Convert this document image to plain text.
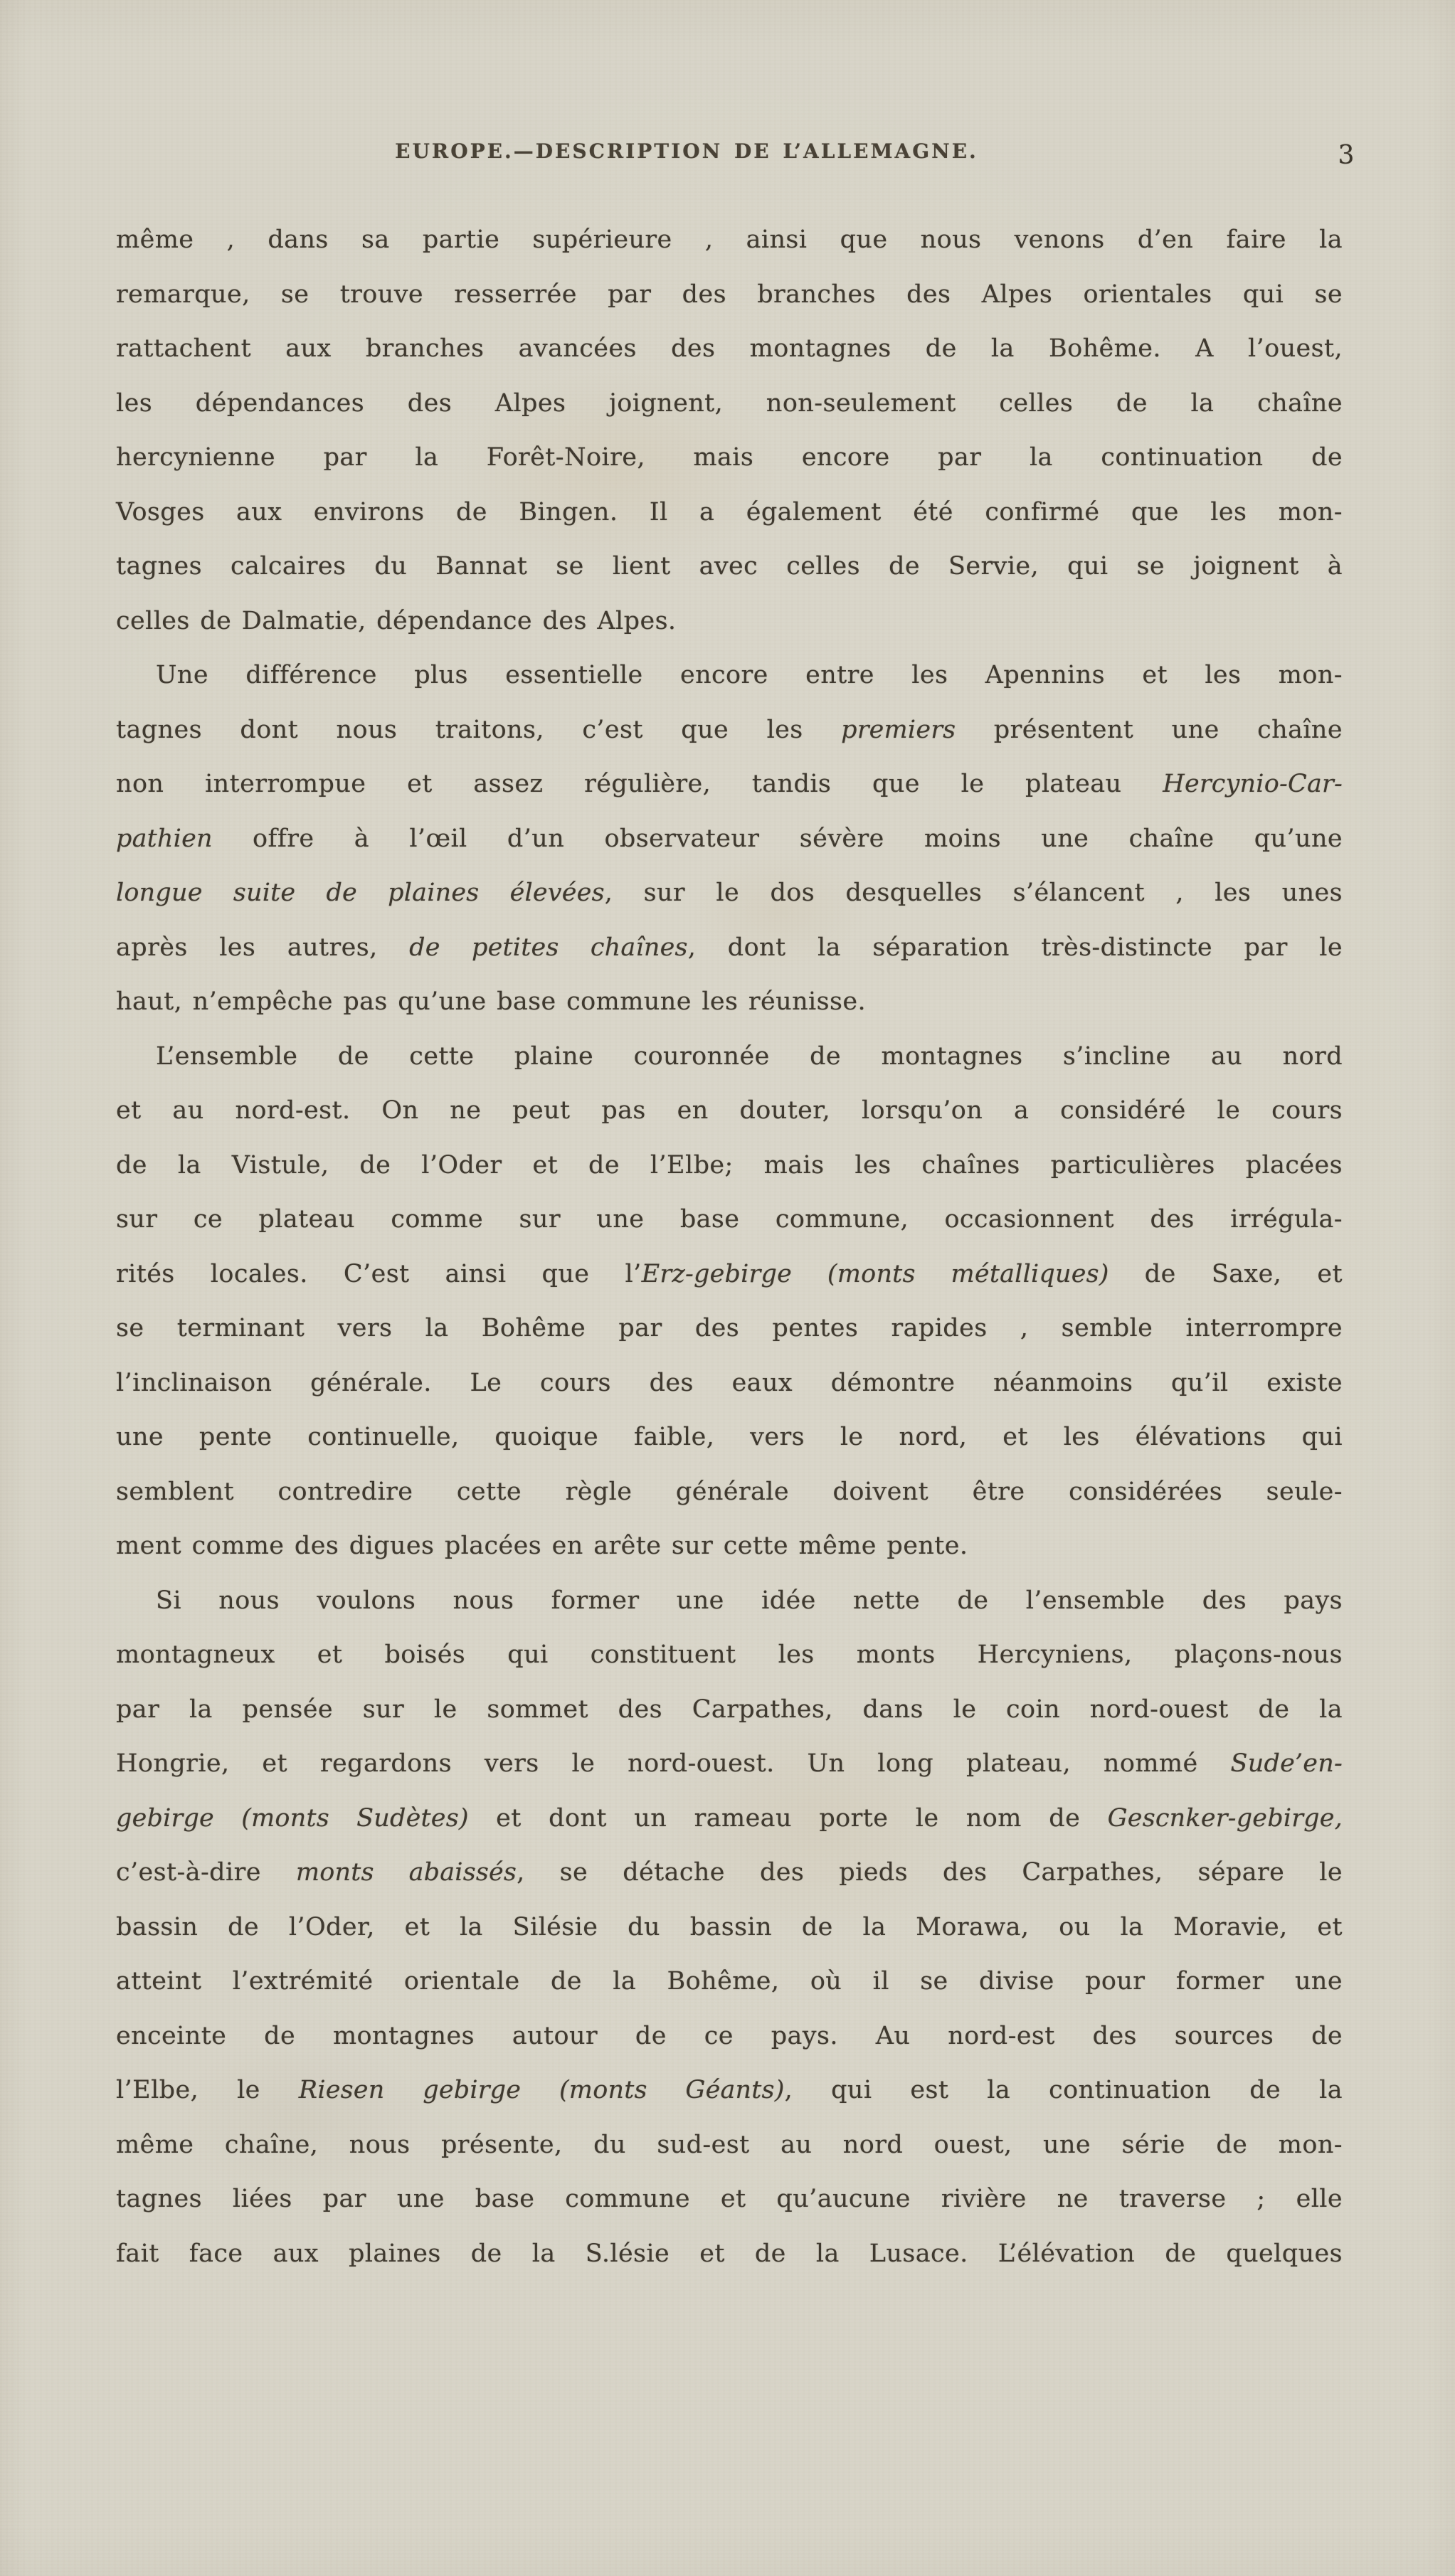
EUROPE.—DESCRIPTION DE L’ALLEMAGNE.	3
même , dans sa partie supérieure , ainsi que nous venons d’en faire la
remarque, se trouve resserrée par des branches des Alpes orientales qui se
rattachent aux branches avancées des montagnes de la Bohême. A l’ouest,
les dépendances des Alpes joignent, non-seulement celles de la chaîne
hercynienne par la Forêt-Noire, mais encore par la continuation de
Vosges aux environs de Bingen. Il a également été confirmé que les mon-
tagnes calcaires du Bannat se lient avec celles de Servie, qui se joignent à
celles de Dalmatie, dépendance des Alpes.
Une différence plus essentielle encore entre les Apennins et les mon-
tagnes dont nous traitons, c’est que les premiers présentent une chaîne
non interrompue et assez régulière, tandis que le plateau Hercynio-Car-
pathien offre à l’œil d’un observateur sévère moins une chaîne qu’une
longue suite de plaines élevées, sur le dos desquelles s’élancent , les unes
après les autres, de petites chaînes, dont la séparation très-distincte par le
haut, n’empêche pas qu’une base commune les réunisse.
L’ensemble de cette plaine couronnée de montagnes s’incline au nord
et au nord-est. On ne peut pas en douter, lorsqu’on a considéré le cours
de la Vistule, de l’Oder et de l’Elbe; mais les chaînes particulières placées
sur ce plateau comme sur une base commune, occasionnent des irrégula-
rités locales. C’est ainsi que l’Erz-gebirge (monts métalliques) de Saxe, et
se terminant vers la Bohême par des pentes rapides , semble interrompre
l’inclinaison générale. Le cours des eaux démontre néanmoins qu’il existe
une pente continuelle, quoique faible, vers le nord, et les élévations qui
semblent contredire cette règle générale doivent être considérées seule-
ment comme des digues placées en arête sur cette même pente.
Si nous voulons nous former une idée nette de l’ensemble des pays
montagneux et boisés qui constituent les monts Hercyniens, plaçons-nous
par la pensée sur le sommet des Carpathes, dans le coin nord-ouest de la
Hongrie, et regardons vers le nord-ouest. Un long plateau, nommé Sude’en-
gebirge (monts Sudètes) et dont un rameau porte le nom de Gescnker-gebirge,
c’est-à-dire monts abaissés, se détache des pieds des Carpathes, sépare le
bassin de l’Oder, et la Silésie du bassin de la Morawa, ou la Moravie, et
atteint l’extrémité orientale de la Bohême, où il se divise pour former une
enceinte de montagnes autour de ce pays. Au nord-est des sources de
l’Elbe, le Riesen gebirge (monts Géants), qui est la continuation de la
même chaîne, nous présente, du sud-est au nord ouest, une série de mon-
tagnes liées par une base commune et qu’aucune rivière ne traverse ; elle
fait face aux plaines de la S.lésie et de la Lusace. L’élévation de quelques
